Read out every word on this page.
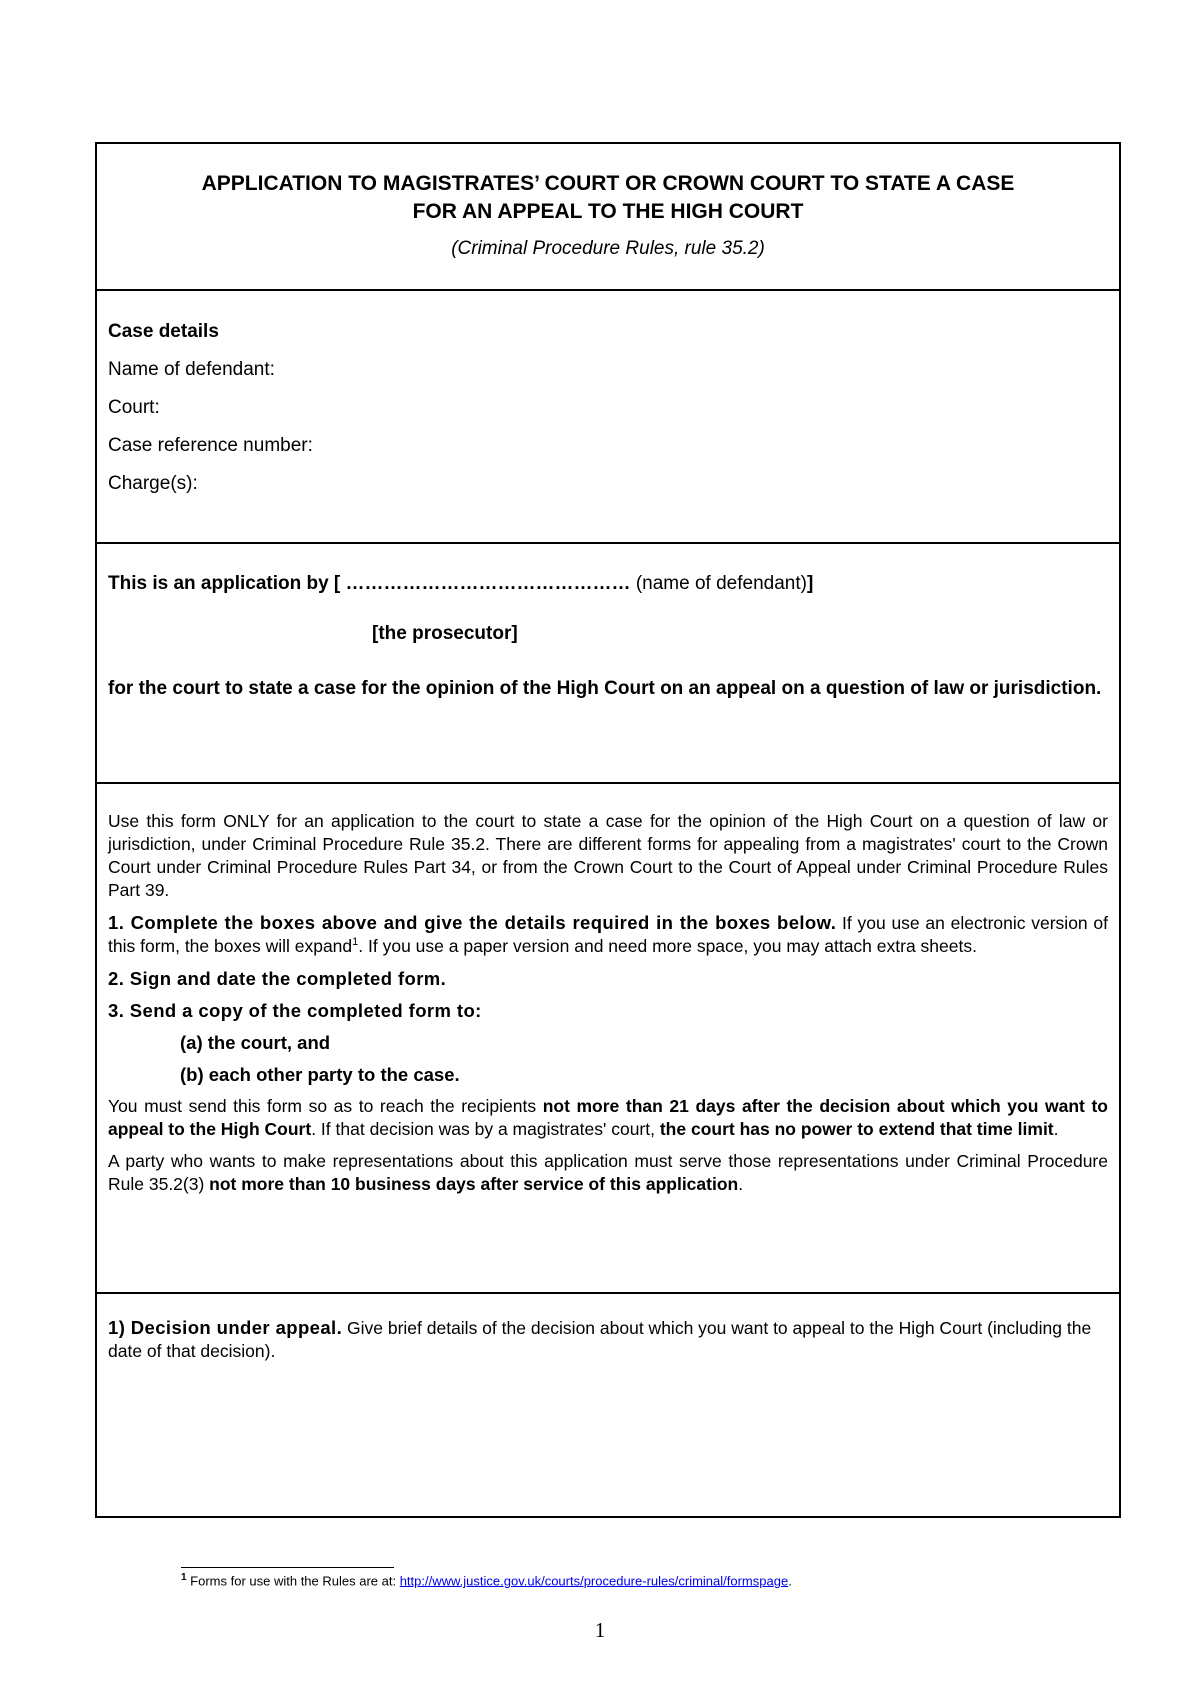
APPLICATION TO MAGISTRATES’ COURT OR CROWN COURT TO STATE A CASE
FOR AN APPEAL TO THE HIGH COURT

(Criminal Procedure Rules, rule 35.2)
Case details
Name of defendant:
Court:
Case reference number:
Charge(s):
This is an application by [ ……………………………………… (name of defendant)]
[the prosecutor]
for the court to state a case for the opinion of the High Court on an appeal on a question of law or jurisdiction.

Use this form ONLY for an application to the court to state a case for the opinion of the High Court on a question of law or jurisdiction, under Criminal Procedure Rule 35.2. There are different forms for appealing from a magistrates' court to the Crown Court under Criminal Procedure Rules Part 34, or from the Crown Court to the Court of Appeal under Criminal Procedure Rules Part 39.

1. Complete the boxes above and give the details required in the boxes below. If you use an electronic version of this form, the boxes will expand$^1$. If you use a paper version and need more space, you may attach extra sheets.

2. Sign and date the completed form.
3. Send a copy of the completed form to:
(a) the court, and
(b) each other party to the case.

You must send this form so as to reach the recipients not more than 21 days after the decision about which you want to appeal to the High Court. If that decision was by a magistrates' court, the court has no power to extend that time limit.

A party who wants to make representations about this application must serve those representations under Criminal Procedure Rule 35.2(3) not more than 10 business days after service of this application.

1) Decision under appeal. Give brief details of the decision about which you want to appeal to the High Court (including the date of that decision).
$^1$ Forms for use with the Rules are at: http://www.justice.gov.uk/courts/procedure-rules/criminal/formspage.
1
